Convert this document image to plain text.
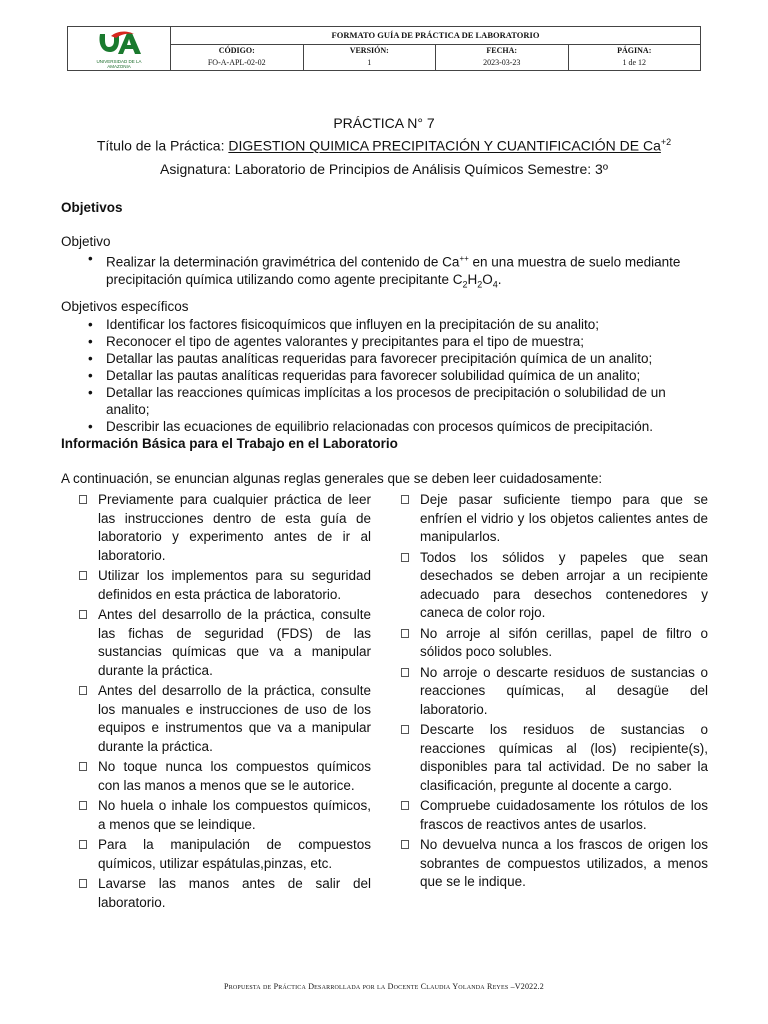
UNIVERSIDAD DE LA
AMAZONIA
FORMATO GUÍA DE PRÁCTICA DE LABORATORIO
CÓDIGO:
FO-A-APL-02-02
VERSIÓN:
1
FECHA:
2023-03-23
PÁGINA:
1 de 12
PRÁCTICA N° 7
Título de la Práctica: DIGESTION QUIMICA PRECIPITACIÓN Y CUANTIFICACIÓN DE $Ca^{+2}$
Asignatura: Laboratorio de Principios de Análisis Químicos Semestre: 3º
Objetivos
Objetivo
• Realizar la determinación gravimétrica del contenido de Ca++ en una muestra de suelo mediante
precipitación química utilizando como agente precipitante $C_2H_2O_4$.
Objetivos específicos
• Identificar los factores fisicoquímicos que influyen en la precipitación de su analito;
• Reconocer el tipo de agentes valorantes y precipitantes para el tipo de muestra;
• Detallar las pautas analíticas requeridas para favorecer precipitación química de un analito;
• Detallar las pautas analíticas requeridas para favorecer solubilidad química de un analito;
• Detallar las reacciones químicas implícitas a los procesos de precipitación o solubilidad de un analito;
• Describir las ecuaciones de equilibrio relacionadas con procesos químicos de precipitación.
Información Básica para el Trabajo en el Laboratorio
A continuación, se enuncian algunas reglas generales que se deben leer cuidadosamente:
Previamente para cualquier práctica de leer las instrucciones dentro de esta guía de laboratorio y experimento antes de ir al laboratorio.
Utilizar los implementos para su seguridad definidos en esta práctica de laboratorio.
Antes del desarrollo de la práctica, consulte las fichas de seguridad (FDS) de las sustancias químicas que va a manipular durante la práctica.
Antes del desarrollo de la práctica, consulte los manuales e instrucciones de uso de los equipos e instrumentos que va a manipular durante la práctica.
No toque nunca los compuestos químicos con las manos a menos que se le autorice.
No huela o inhale los compuestos químicos, a menos que se leindique.
Para la manipulación de compuestos químicos, utilizar espátulas,pinzas, etc.
Lavarse las manos antes de salir del laboratorio.
Deje pasar suficiente tiempo para que se enfríen el vidrio y los objetos calientes antes de manipularlos.
Todos los sólidos y papeles que sean desechados se deben arrojar a un recipiente adecuado para desechos contenedores y caneca de color rojo.
No arroje al sifón cerillas, papel de filtro o sólidos poco solubles.
No arroje o descarte residuos de sustancias o reacciones químicas, al desagüe del laboratorio.
Descarte los residuos de sustancias o reacciones químicas al (los) recipiente(s), disponibles para tal actividad. De no saber la clasificación, pregunte al docente a cargo.
Compruebe cuidadosamente los rótulos de los frascos de reactivos antes de usarlos.
No devuelva nunca a los frascos de origen los sobrantes de compuestos utilizados, a menos que se le indique.
Propuesta de Práctica Desarrollada por la Docente Claudia Yolanda Reyes –V2022.2
